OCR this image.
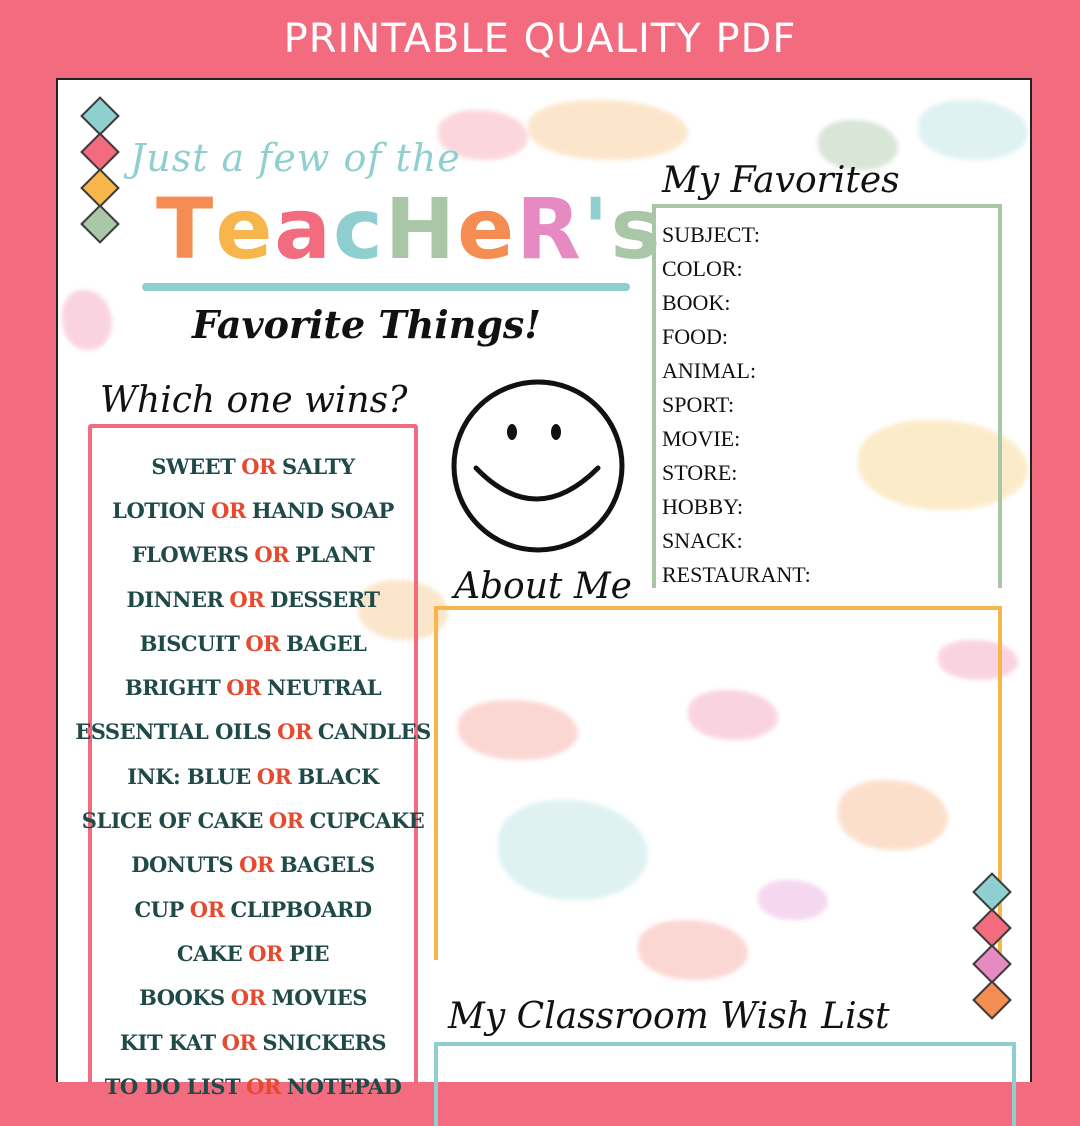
PRINTABLE QUALITY PDF
Just a few of the
TeacHeR's
Favorite Things!
Which one wins?
SWEET OR SALTY
LOTION OR HAND SOAP
FLOWERS OR PLANT
DINNER OR DESSERT
BISCUIT OR BAGEL
BRIGHT OR NEUTRAL
ESSENTIAL OILS OR CANDLES
INK: BLUE OR BLACK
SLICE OF CAKE OR CUPCAKE
DONUTS OR BAGELS
CUP OR CLIPBOARD
CAKE OR PIE
BOOKS OR MOVIES
KIT KAT OR SNICKERS
TO DO LIST OR NOTEPAD
My Favorites
SUBJECT:
COLOR:
BOOK:
FOOD:
ANIMAL:
SPORT:
MOVIE:
STORE:
HOBBY:
SNACK:
RESTAURANT:
About Me
My Classroom Wish List
